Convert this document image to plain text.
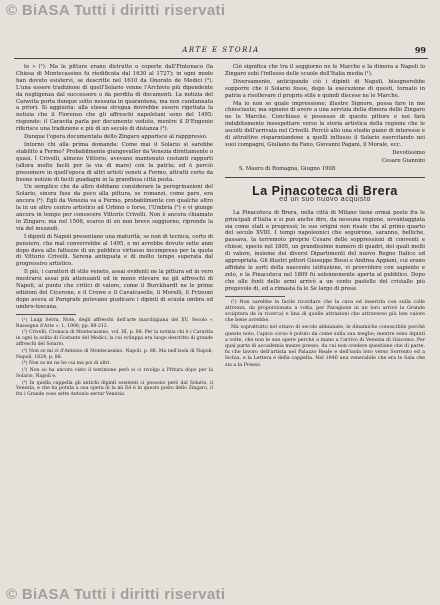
© BiASA Tutti i diritti riservati
ARTE E STORIA	99

te » (¹). Ma le pitture erano distrutte o coperte dall'Fintonaco (la Chiesa di Montecassino fu riedificata dal 1630 al 1727); in ogni modo han dovuto esistervi, se descritte nel 1610 da Onorato de Medici (²). L'una essere tradizione di quell'Solario venne l'Archivio più dipendente da negligenza dal successore o da perdita di documenti. La notizia del Caravita porta dunque sotto nessuna in quarantena, ma non cundannata a priori. Si aggiunta: alla stessa stregua dovrebbe essere rigettata la notizia che il Fiorenso che gli affreschi napoletani sono del 1495; rispondo: il Caravita parla per documento veduto, mentre il D'Engenio riferisce una tradizione e più di un secolo di distanza (³).

Dunque l'opera documentata dello Zingaro apparisce al rapppresso.

Intorno chi alla prima domanda: Come mai il Solario si sarebbe stabilito a Fermo? Probabilmente giungevaller da Venezia direttamente o quasi. I Crivelli, almeno Vittorio, avevano mantenuto costanti rapporti (allora molto facili per la via di mare) con la patria; ed è perciò presumere in quell'epoca di altri artisti veneti a Fermo, attratti certo da buone notizie di facili guadagni in la grandiosa città posta.

Un semplice che da altro debbano considerare la peregrinazioni del Solario, sinora fuse da poco alla pittura, se romanzi, come pare, era ancora (⁴). Egli da Venezia va a Fermo, probabilmente con qualche altro la in un altro centro artistico ad Urbino o forse, l'Umbria (⁵) e vi giunge ancora in tempo per conoscere Vittorio Crivelli. Non è ancora chiamato in Zingaro; ma nel 1506, scarso di un non breve soggiorno, riprende la via del mezzodì.

I dipinti di Napoli presentano una maturità, se non di tecnica, certo di pensiero, che mal converrebbe al 1495, e mi avrebbe dovuto sette anni dopo dava alle fattezze di un pubblico virtuoso incompreso per la quota di Vittorio Crivelli. Serena antiquata e di molto tempo superata dal progressivo artistico.

Il più, i caratteri di stile veneto, assai evidenti ne la pittura ed in vero mostrarsi assai più attenuanti ed in meno rilevare ne gli affreschi di Napoli, al punto che critici di valore, come il Burckhardt ne le prime edizioni del Cicerone, e il Crowe e il Cavalcaselle, il Morelli, il Frizzoni dopo aveva al Parigrafe potevano giudicare i dipinti di scuola umbra od umbro-toscana.

(¹) Luigi Serra, Note, degli affreschi dell'arte marchigiana del XV, Secolo « Rassegna d'Arte », 1, 1908, pp. 89-212.

(²) Crivelli, Cronaca di Montecassino, vol. III, p. 88. Per la notizia chi è i Caravita in ogni la solita di Costante del Medici; la cui sviluppa era luogo descritto di grande affreschi del Solario.

(³) Non so mi vi d'Antonio di Montecassino, Napoli, p. 88. Ma nell'isola di Napoli, Napoli, 1624, p. 88.

(⁴) Non so mi ne ho cui ma poi di altri.

(⁵) Non so ha ancora visto il testimone però si ci rivolgo a Pittura dopo per la Solario, Napoli e.

(⁶) In quella cappella gli antichi dipinti esistenti ci possono però dal Solario, il Venezia, e che ha potuta a sua opera di la mi Ed è in questo posto dello Zingaro, il fra i Grande cose sette Antonio serrar Venezia.

Ciò significa che tra il soggiorno ne le Marche e la dimora a Napoli lo Zingaro subì l'influsso delle scuole dell'Italia media (¹).

Diversamente, anticipando ciò i dipinti di Napoli, bisognerebbe supporre che il Solario fosse, dopo la esecuzione di questi, tornato in patria a risollevare il proprio stile e quindi discese ne le Marche.

Ma io non so quale impressione; illustre Signore, possa fare in me chiosciaste; ma ognuno di avere a una servizia della dimora dello Zingaro ne le Marche. Conchiuso è possesso di queste pittore e noi farà indubitamente insospettare verso la storia artistica della regione che le ascolti dell'arrivata nel Crivelli. Perciò allo una studio piano di interesse e di attrattive risparmiandone a quelli influsso il Solario esercitando nei suoi compagni, Giuliano da Fano, Giovanni Pagani, il Morale, ecc.

Devotissimo

Cesare Giannini

S. Mauro di Romagna, Giugno 1908.

La Pinacoteca di Brera
ed un suo nuovo acquisto

La Pinacoteca di Brera, nella città di Milano tiene ormai posto fra le principali d'Italia e si può anche dire, da nessuna regione, avvantaggiata sia come stati e progressi; le sue origini non risale che al primo quarto del secolo XVIII. I tempi napoleonici che seguirono, saranno, belliche, passava, la terremoto proprio Cesare delle soppressioni di conventi e chiese, specie nel 1805, un grandissimo numero di quadri, dei quali molti di valore, insieme dei diversi Dipartimenti del nuovo Regno Italico od appropriata. Gli illustri pittori Giuseppe Bossi e Andrea Appiani, cui erano affidate le sorti della nascente istituzione, vi provvidero con sapiente e zelo, e la Pinacoteca nel 1809 fu solennemente aperta al pubblico. Dopo che alle fonti delle armi arrivò a un cento pastelle del cristallo più pregevole di, ed a rimasta fa le Se largo di prese.

(¹) Non sarebbe la facile ricordare che la cava ed inserirla con sulla colle attrezza, da proporzionata a volta, per Paragione in un loro arrivò la Grande sculptura de la ricerca) e lina di quelle attrazioni che attraverso più ben valore che bene avrebbe.

Ma soprattutto nel ottavo di secolo abbianate, le dinamiche conoscibile perchè questo noto, l'apice corso è potuto da come sulla sua meglio; mentre sono dipinti a volte, che non le sue opere perché a mano a l'arrivo di Venezia di Giacomo. Per qual parte di accademia mezzo presso, da cui non credere questione che di parte, fu che lavoro dell'artista nel Palazzo Reale e dell'isola loro verso Sorrento ed a Ischia, e la Lettera e della cappella. Nel 1846 una venerabile che era le Sala che sia a la Presso.

© BiASA Tutti i diritti riservati
